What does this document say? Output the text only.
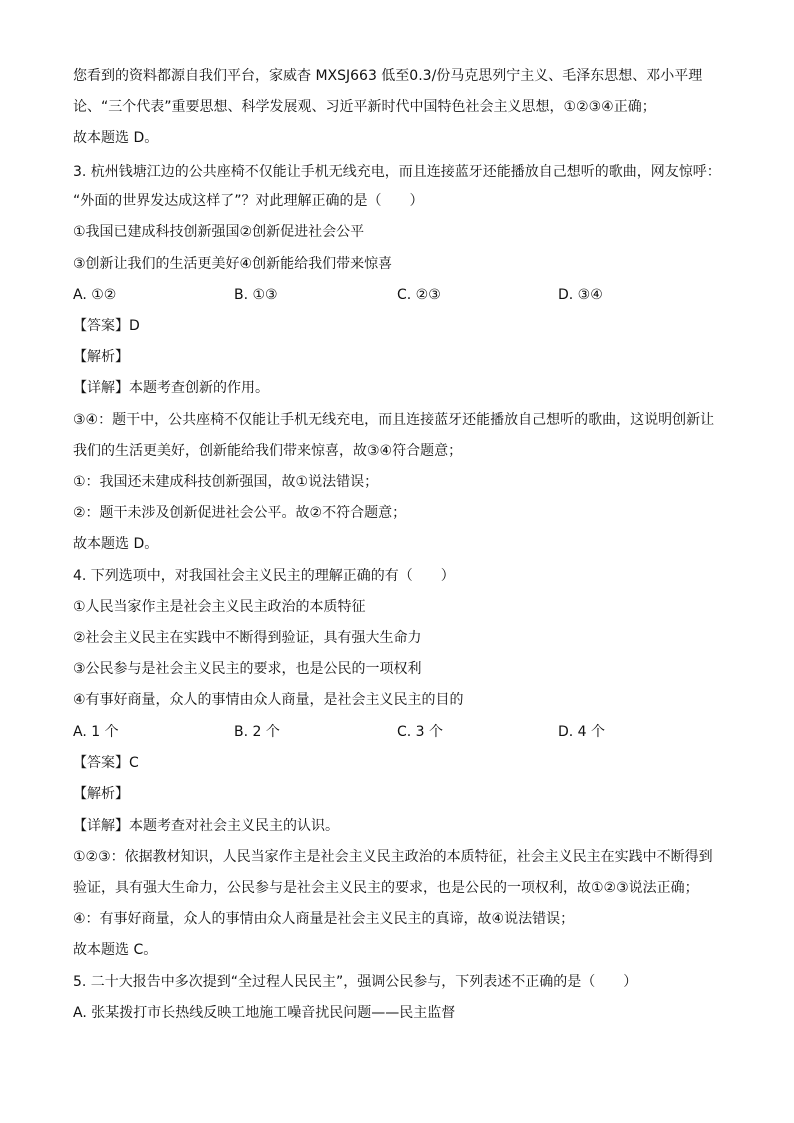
您看到的资料都源自我们平台，家威杳 MXSJ663 低至0.3/份马克思列宁主义、毛泽东思想、邓小平理
论、“三个代表”重要思想、科学发展观、习近平新时代中国特色社会主义思想，①②③④正确；
故本题选 D。
3. 杭州钱塘江边的公共座椅不仅能让手机无线充电，而且连接蓝牙还能播放自己想听的歌曲，网友惊呼：
“外面的世界发达成这样了”？对此理解正确的是（　　）
①我国已建成科技创新强国②创新促进社会公平
③创新让我们的生活更美好④创新能给我们带来惊喜
A. ①②	B. ①③	C. ②③	D. ③④
【答案】D
【解析】
【详解】本题考查创新的作用。
③④：题干中，公共座椅不仅能让手机无线充电，而且连接蓝牙还能播放自己想听的歌曲，这说明创新让
我们的生活更美好，创新能给我们带来惊喜，故③④符合题意；
①：我国还未建成科技创新强国，故①说法错误；
②：题干未涉及创新促进社会公平。故②不符合题意；
故本题选 D。
4. 下列选项中，对我国社会主义民主的理解正确的有（　　）
①人民当家作主是社会主义民主政治的本质特征
②社会主义民主在实践中不断得到验证，具有强大生命力
③公民参与是社会主义民主的要求，也是公民的一项权利
④有事好商量，众人的事情由众人商量，是社会主义民主的目的
A. 1 个	B. 2 个	C. 3 个	D. 4 个
【答案】C
【解析】
【详解】本题考查对社会主义民主的认识。
①②③：依据教材知识，人民当家作主是社会主义民主政治的本质特征，社会主义民主在实践中不断得到
验证，具有强大生命力，公民参与是社会主义民主的要求，也是公民的一项权利，故①②③说法正确；
④：有事好商量，众人的事情由众人商量是社会主义民主的真谛，故④说法错误；
故本题选 C。
5. 二十大报告中多次提到“全过程人民民主”，强调公民参与，下列表述不正确的是（　　）
A. 张某拨打市长热线反映工地施工噪音扰民问题——民主监督
